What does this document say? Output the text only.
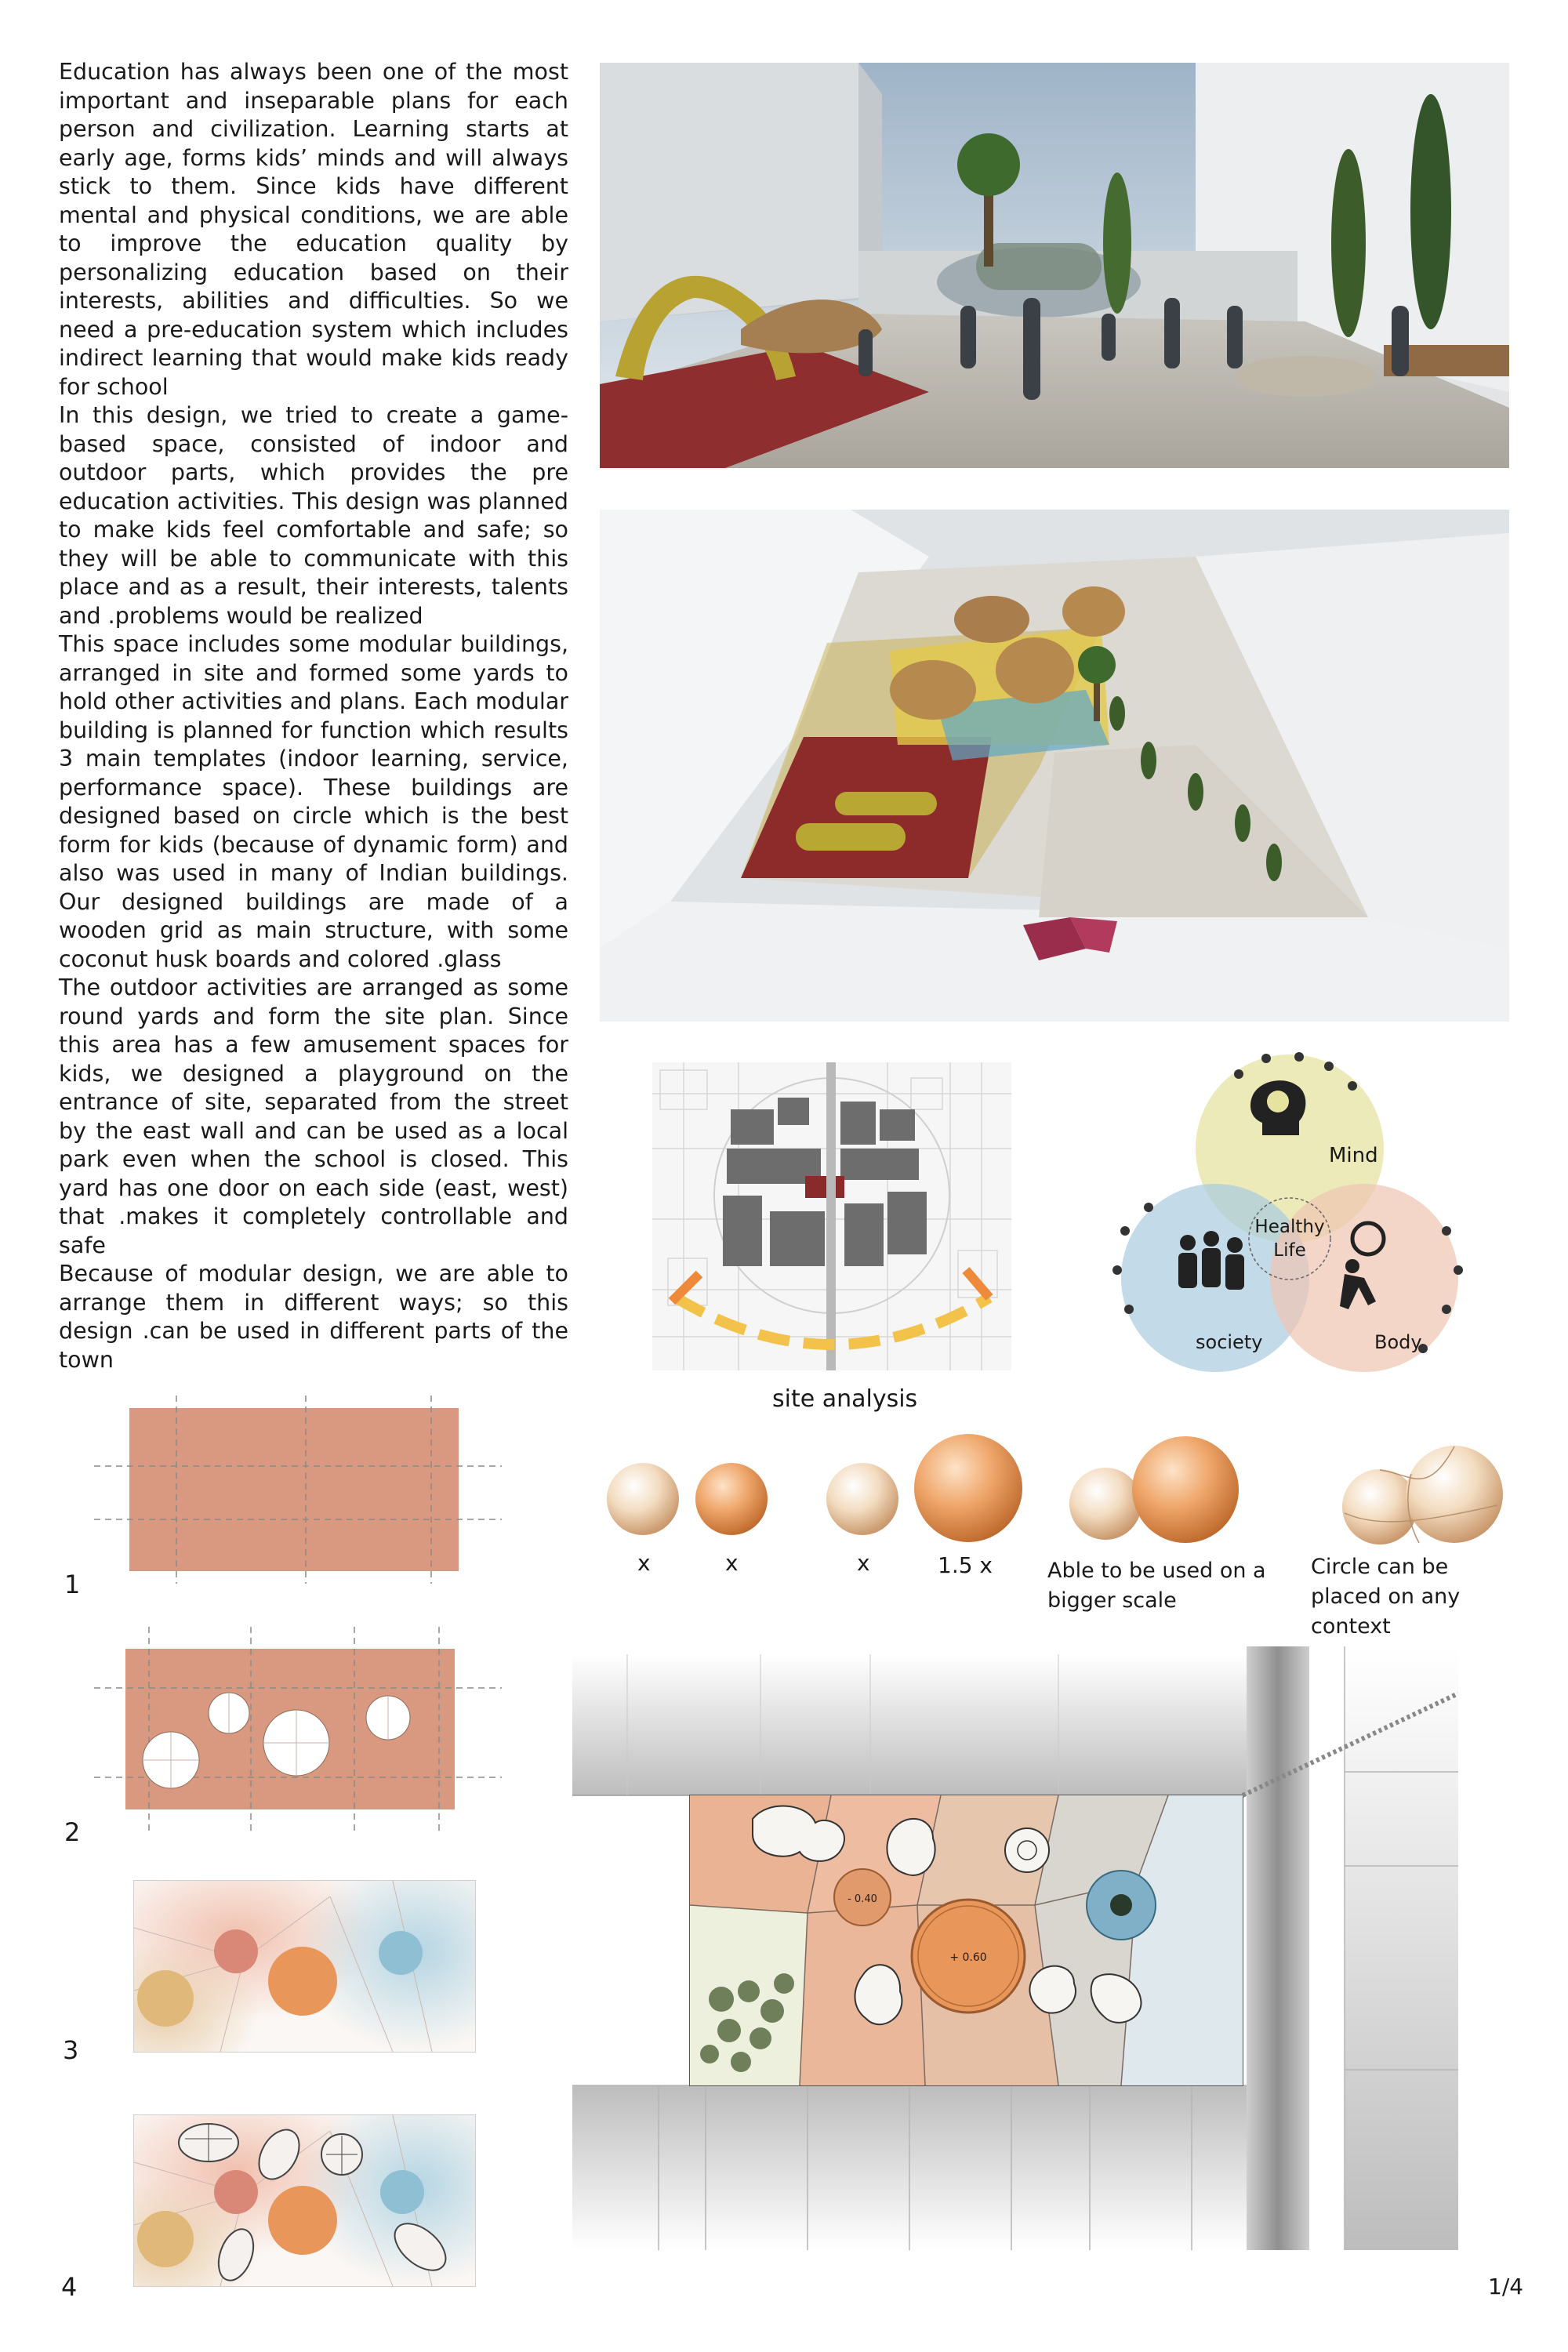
Education has always been one of the most important and inseparable plans for each person and civilization. Learning starts at early age, forms kids’ minds and will always stick to them. Since kids have different mental and physical conditions, we are able to improve the education quality by personalizing education based on their interests, abilities and difficulties. So we need a pre-education system which includes indirect learning that would make kids ready for school

In this design, we tried to create a game-based space, consisted of indoor and outdoor parts, which provides the pre education activities. This design was planned to make kids feel comfortable and safe; so they will be able to communicate with this place and as a result, their interests, talents and .problems would be realized

This space includes some modular buildings, arranged in site and formed some yards to hold other activities and plans. Each modular building is planned for function which results 3 main templates (indoor learning, service, performance space). These buildings are designed based on circle which is the best form for kids (because of dynamic form) and also was used in many of Indian buildings. Our designed buildings are made of a wooden grid as main structure, with some coconut husk boards and colored .glass

The outdoor activities are arranged as some round yards and form the site plan. Since this area has a few amusement spaces for kids, we designed a playground on the entrance of site, separated from the street by the east wall and can be used as a local park even when the school is closed. This yard has one door on each side (east, west) that .makes it completely controllable and safe

Because of modular design, we are able to arrange them in different ways; so this design .can be used in different parts of the town

site analysis
Mind
society	Body
Healthy
Life
x	x	x	1.5 x	Able to be used on a bigger scale
Circle can be placed on any context
1
2
3
4
- 0.40
+ 0.60
1/4
